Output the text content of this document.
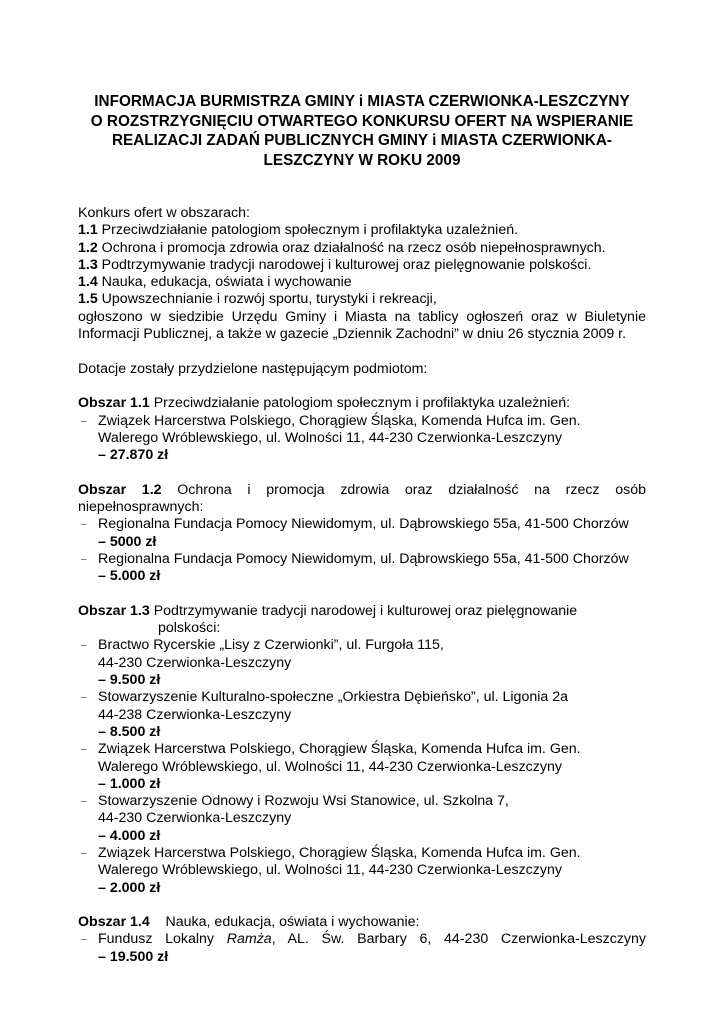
INFORMACJA BURMISTRZA GMINY i MIASTA CZERWIONKA-LESZCZYNY
O ROZSTRZYGNIĘCIU OTWARTEGO KONKURSU OFERT NA WSPIERANIE
REALIZACJI ZADAŃ PUBLICZNYCH GMINY i MIASTA CZERWIONKA-
LESZCZYNY W ROKU 2009
Konkurs ofert w obszarach:
1.1 Przeciwdziałanie patologiom społecznym i profilaktyka uzależnień.
1.2 Ochrona i promocja zdrowia oraz działalność na rzecz osób niepełnosprawnych.
1.3 Podtrzymywanie tradycji narodowej i kulturowej oraz pielęgnowanie polskości.
1.4 Nauka, edukacja, oświata i wychowanie
1.5 Upowszechnianie i rozwój sportu, turystyki i rekreacji,
ogłoszono w siedzibie Urzędu Gminy i Miasta na tablicy ogłoszeń oraz w Biuletynie
Informacji Publicznej, a także w gazecie „Dziennik Zachodni” w dniu 26 stycznia 2009 r.
Dotacje zostały przydzielone następującym podmiotom:
Obszar 1.1 Przeciwdziałanie patologiom społecznym i profilaktyka uzależnień:
– Związek Harcerstwa Polskiego, Chorągiew Śląska, Komenda Hufca im. Gen.
Walerego Wróblewskiego, ul. Wolności 11, 44-230 Czerwionka-Leszczyny
– 27.870 zł
Obszar 1.2 Ochrona i promocja zdrowia oraz działalność na rzecz osób
niepełnosprawnych:
– Regionalna Fundacja Pomocy Niewidomym, ul. Dąbrowskiego 55a, 41-500 Chorzów
– 5000 zł
– Regionalna Fundacja Pomocy Niewidomym, ul. Dąbrowskiego 55a, 41-500 Chorzów
– 5.000 zł
Obszar 1.3 Podtrzymywanie tradycji narodowej i kulturowej oraz pielęgnowanie
polskości:
– Bractwo Rycerskie „Lisy z Czerwionki”, ul. Furgoła 115,
44-230 Czerwionka-Leszczyny
– 9.500 zł
– Stowarzyszenie Kulturalno-społeczne „Orkiestra Dębieńsko”, ul. Ligonia 2a
44-238 Czerwionka-Leszczyny
– 8.500 zł
– Związek Harcerstwa Polskiego, Chorągiew Śląska, Komenda Hufca im. Gen.
Walerego Wróblewskiego, ul. Wolności 11, 44-230 Czerwionka-Leszczyny
– 1.000 zł
– Stowarzyszenie Odnowy i Rozwoju Wsi Stanowice, ul. Szkolna 7,
44-230 Czerwionka-Leszczyny
– 4.000 zł
– Związek Harcerstwa Polskiego, Chorągiew Śląska, Komenda Hufca im. Gen.
Walerego Wróblewskiego, ul. Wolności 11, 44-230 Czerwionka-Leszczyny
– 2.000 zł
Obszar 1.4    Nauka, edukacja, oświata i wychowanie:
– Fundusz Lokalny Ramża, AL. Św. Barbary 6, 44-230 Czerwionka-Leszczyny
– 19.500 zł
